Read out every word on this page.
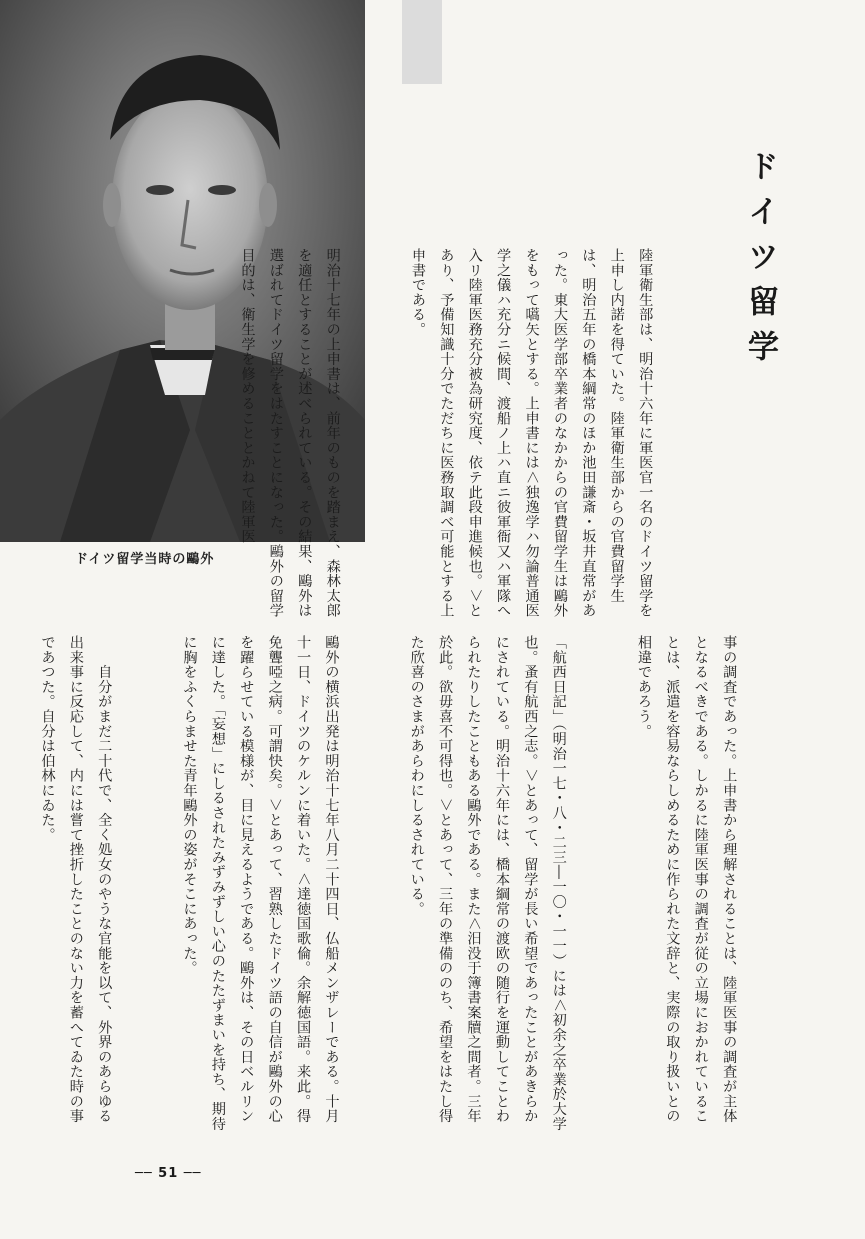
ドイツ留学当時の鷗外
ドイツ留学

陸軍衛生部は、明治十六年に軍医官一名のドイツ留学を上申し内諾を得ていた。陸軍衛生部からの官費留学生は、明治五年の橋本綱常のほか池田謙斎・坂井直常があった。東大医学部卒業者のなかからの官費留学生は鷗外をもって嚆矢とする。上申書には＜独逸学ハ勿論普通医学之儀ハ充分ニ候間、渡船ノ上ハ直ニ彼軍衙又ハ軍隊へ入リ陸軍医務充分被為研究度、依テ此段申進候也。＞とあり、予備知識十分でただちに医務取調べ可能とする上申書である。

明治十七年の上申書は、前年のものを踏まえ、森林太郎を適任とすることが述べられている。その結果、鷗外は選ばれてドイツ留学をはたすことになった。鷗外の留学目的は、衛生学を修めることとかねて陸軍医

事の調査であった。上申書から理解されることは、陸軍医事の調査が主体となるべきである。しかるに陸軍医事の調査が従の立場におかれていることは、派遣を容易ならしめるために作られた文辞と、実際の取り扱いとの相違であろう。

「航西日記」（明治一七・八・二三―一〇・一一）には＜初余之卒業於大学也。蚤有航西之志。＞とあって、留学が長い希望であったことがあきらかにされている。明治十六年には、橋本綱常の渡欧の随行を運動してことわられたりしたこともある鷗外である。また＜汨没于簿書案牘之間者。三年於此。欲毋喜不可得也。＞とあって、三年の準備ののち、希望をはたし得た欣喜のさまがあらわにしるされている。

鷗外の横浜出発は明治十七年八月二十四日、仏船メンザレーである。十月十一日、ドイツのケルンに着いた。＜達徳国歌倫。余解徳国語。来此。得免聾啞之病。可謂快矣。＞とあって、習熟したドイツ語の自信が鷗外の心を躍らせている模様が、目に見えるようである。鷗外は、その日ベルリンに達した。「妄想」にしるされたみずみずしい心のたたずまいを持ち、期待に胸をふくらませた青年鷗外の姿がそこにあった。

　　自分がまだ二十代で、全く処女のやうな官能を以て、外界のあらゆる出来事に反応して、内には嘗て挫折したことのない力を蓄へてゐた時の事であつた。自分は伯林にゐた。

── 51 ──
